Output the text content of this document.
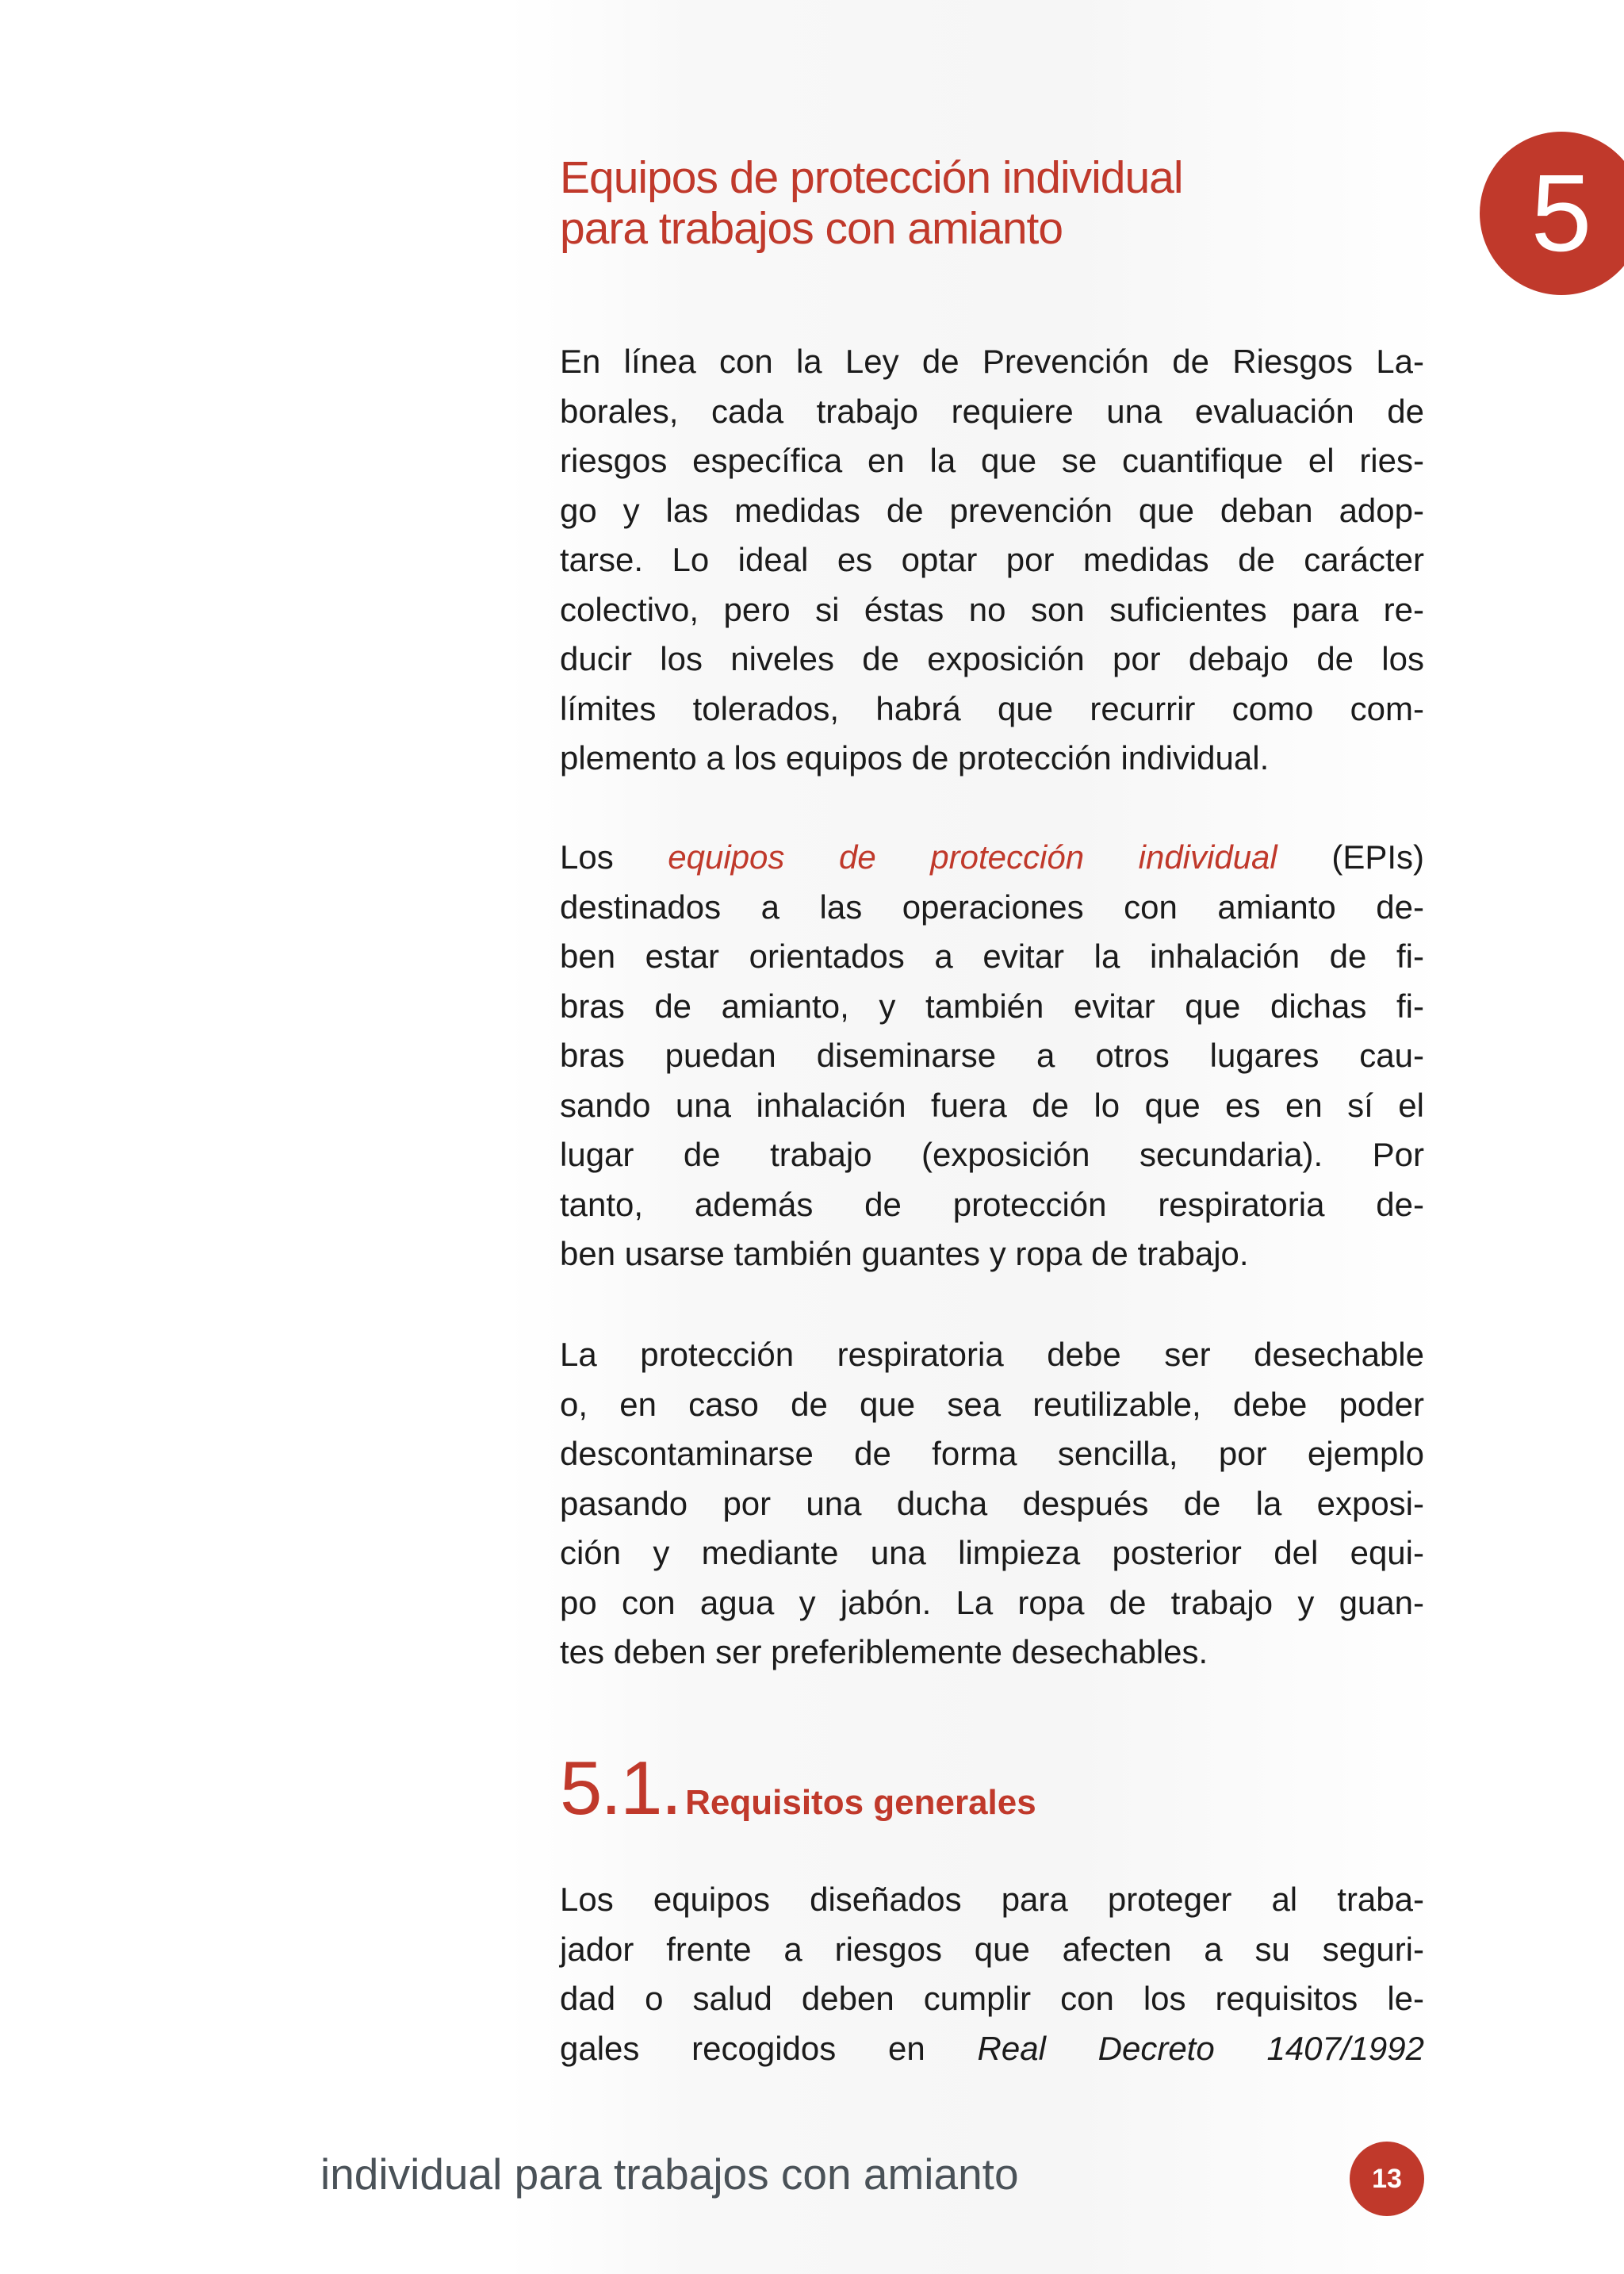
5
Equipos de protección individual
para trabajos con amianto
En línea con la Ley de Prevención de Riesgos La-
borales, cada trabajo requiere una evaluación de
riesgos específica en la que se cuantifique el ries-
go y las medidas de prevención que deban adop-
tarse. Lo ideal es optar por medidas de carácter
colectivo, pero si éstas no son suficientes para re-
ducir los niveles de exposición por debajo de los
límites tolerados, habrá que recurrir como com-
plemento a los equipos de protección individual.
Los equipos de protección individual (EPIs)
destinados a las operaciones con amianto de-
ben estar orientados a evitar la inhalación de fi-
bras de amianto, y también evitar que dichas fi-
bras puedan diseminarse a otros lugares cau-
sando una inhalación fuera de lo que es en sí el
lugar de trabajo (exposición secundaria). Por
tanto, además de protección respiratoria de-
ben usarse también guantes y ropa de trabajo.
La protección respiratoria debe ser desechable
o, en caso de que sea reutilizable, debe poder
descontaminarse de forma sencilla, por ejemplo
pasando por una ducha después de la exposi-
ción y mediante una limpieza posterior del equi-
po con agua y jabón. La ropa de trabajo y guan-
tes deben ser preferiblemente desechables.
5.1. Requisitos generales
Los equipos diseñados para proteger al traba-
jador frente a riesgos que afecten a su seguri-
dad o salud deben cumplir con los requisitos le-
gales recogidos en Real Decreto 1407/1992
individual para trabajos con amianto	13
